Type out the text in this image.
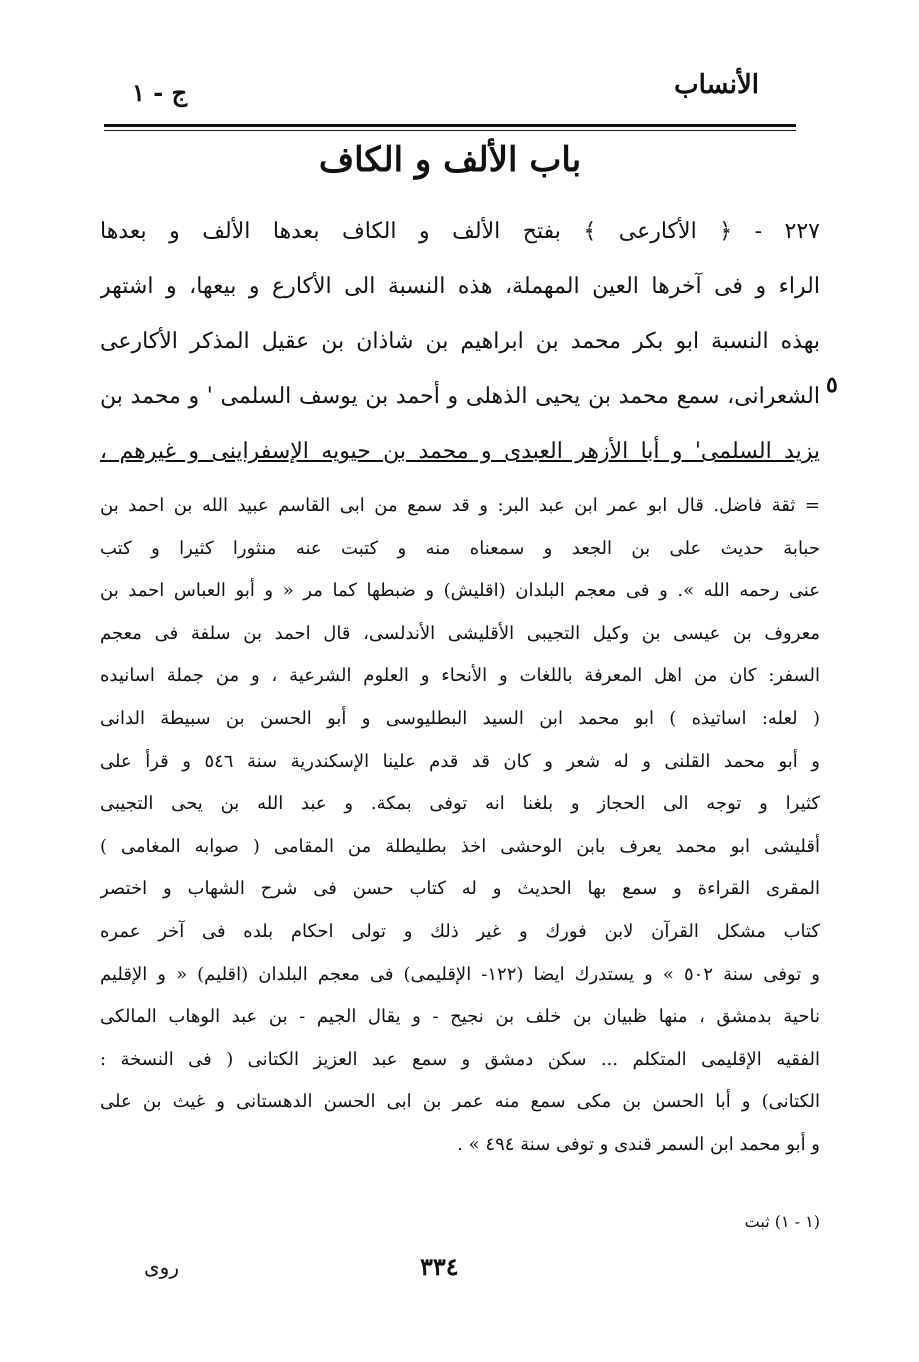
الأنساب
ج - ١
باب الألف و الكاف
٥
٢٢٧ - ﴿ الأكارعى ﴾ بفتح الألف و الكاف بعدها الألف و بعدها
الراء و فى آخرها العين المهملة، هذه النسبة الى الأكارع و بيعها، و اشتهر
بهذه النسبة ابو بكر محمد بن ابراهيم بن شاذان بن عقيل المذكر الأكارعى
الشعرانى، سمع محمد بن يحيى الذهلى و أحمد بن يوسف السلمى ' و محمد بن
يزيد السلمى' و أبا الأزهر العبدى و محمد بن حيويه الإسفراينى و غيرهم ،
= ثقة فاضل. قال ابو عمر ابن عبد البر: و قد سمع من ابى القاسم عبيد الله بن احمد بن
حبابة حديث على بن الجعد و سمعناه منه و كتبت عنه منثورا كثيرا و كتب
عنى رحمه الله ». و فى معجم البلدان (اقليش) و ضبطها كما مر « و أبو العباس احمد بن
معروف بن عيسى بن وكيل التجيبى الأقليشى الأندلسى، قال احمد بن سلفة فى معجم
السفر: كان من اهل المعرفة باللغات و الأنحاء و العلوم الشرعية ، و من جملة اسانيده
( لعله: اساتيذه ) ابو محمد ابن السيد البطليوسى و أبو الحسن بن سبيطة الدانى
و أبو محمد القلنى و له شعر و كان قد قدم علينا الإسكندرية سنة ٥٤٦ و قرأ على
كثيرا و توجه الى الحجاز و بلغنا انه توفى بمكة. و عبد الله بن يحى التجيبى
أقليشى ابو محمد يعرف بابن الوحشى اخذ بطليطلة من المقامى ( صوابه المغامى )
المقرى القراءة و سمع بها الحديث و له كتاب حسن فى شرح الشهاب و اختصر
كتاب مشكل القرآن لابن فورك و غير ذلك و تولى احكام بلده فى آخر عمره
و توفى سنة ٥٠٢ » و يستدرك ايضا (١٢٢- الإقليمى) فى معجم البلدان (اقليم) « و الإقليم
ناحية بدمشق ، منها ظبيان بن خلف بن نجيح - و يقال الجيم - بن عبد الوهاب المالكى
الفقيه الإقليمى المتكلم ... سكن دمشق و سمع عبد العزيز الكتانى ( فى النسخة :
الكتانى) و أبا الحسن بن مكى سمع منه عمر بن ابى الحسن الدهستانى و غيث بن على
و أبو محمد ابن السمر قندى و توفى سنة ٤٩٤ » .
(١ - ١) ثبت
٣٣٤
روى
